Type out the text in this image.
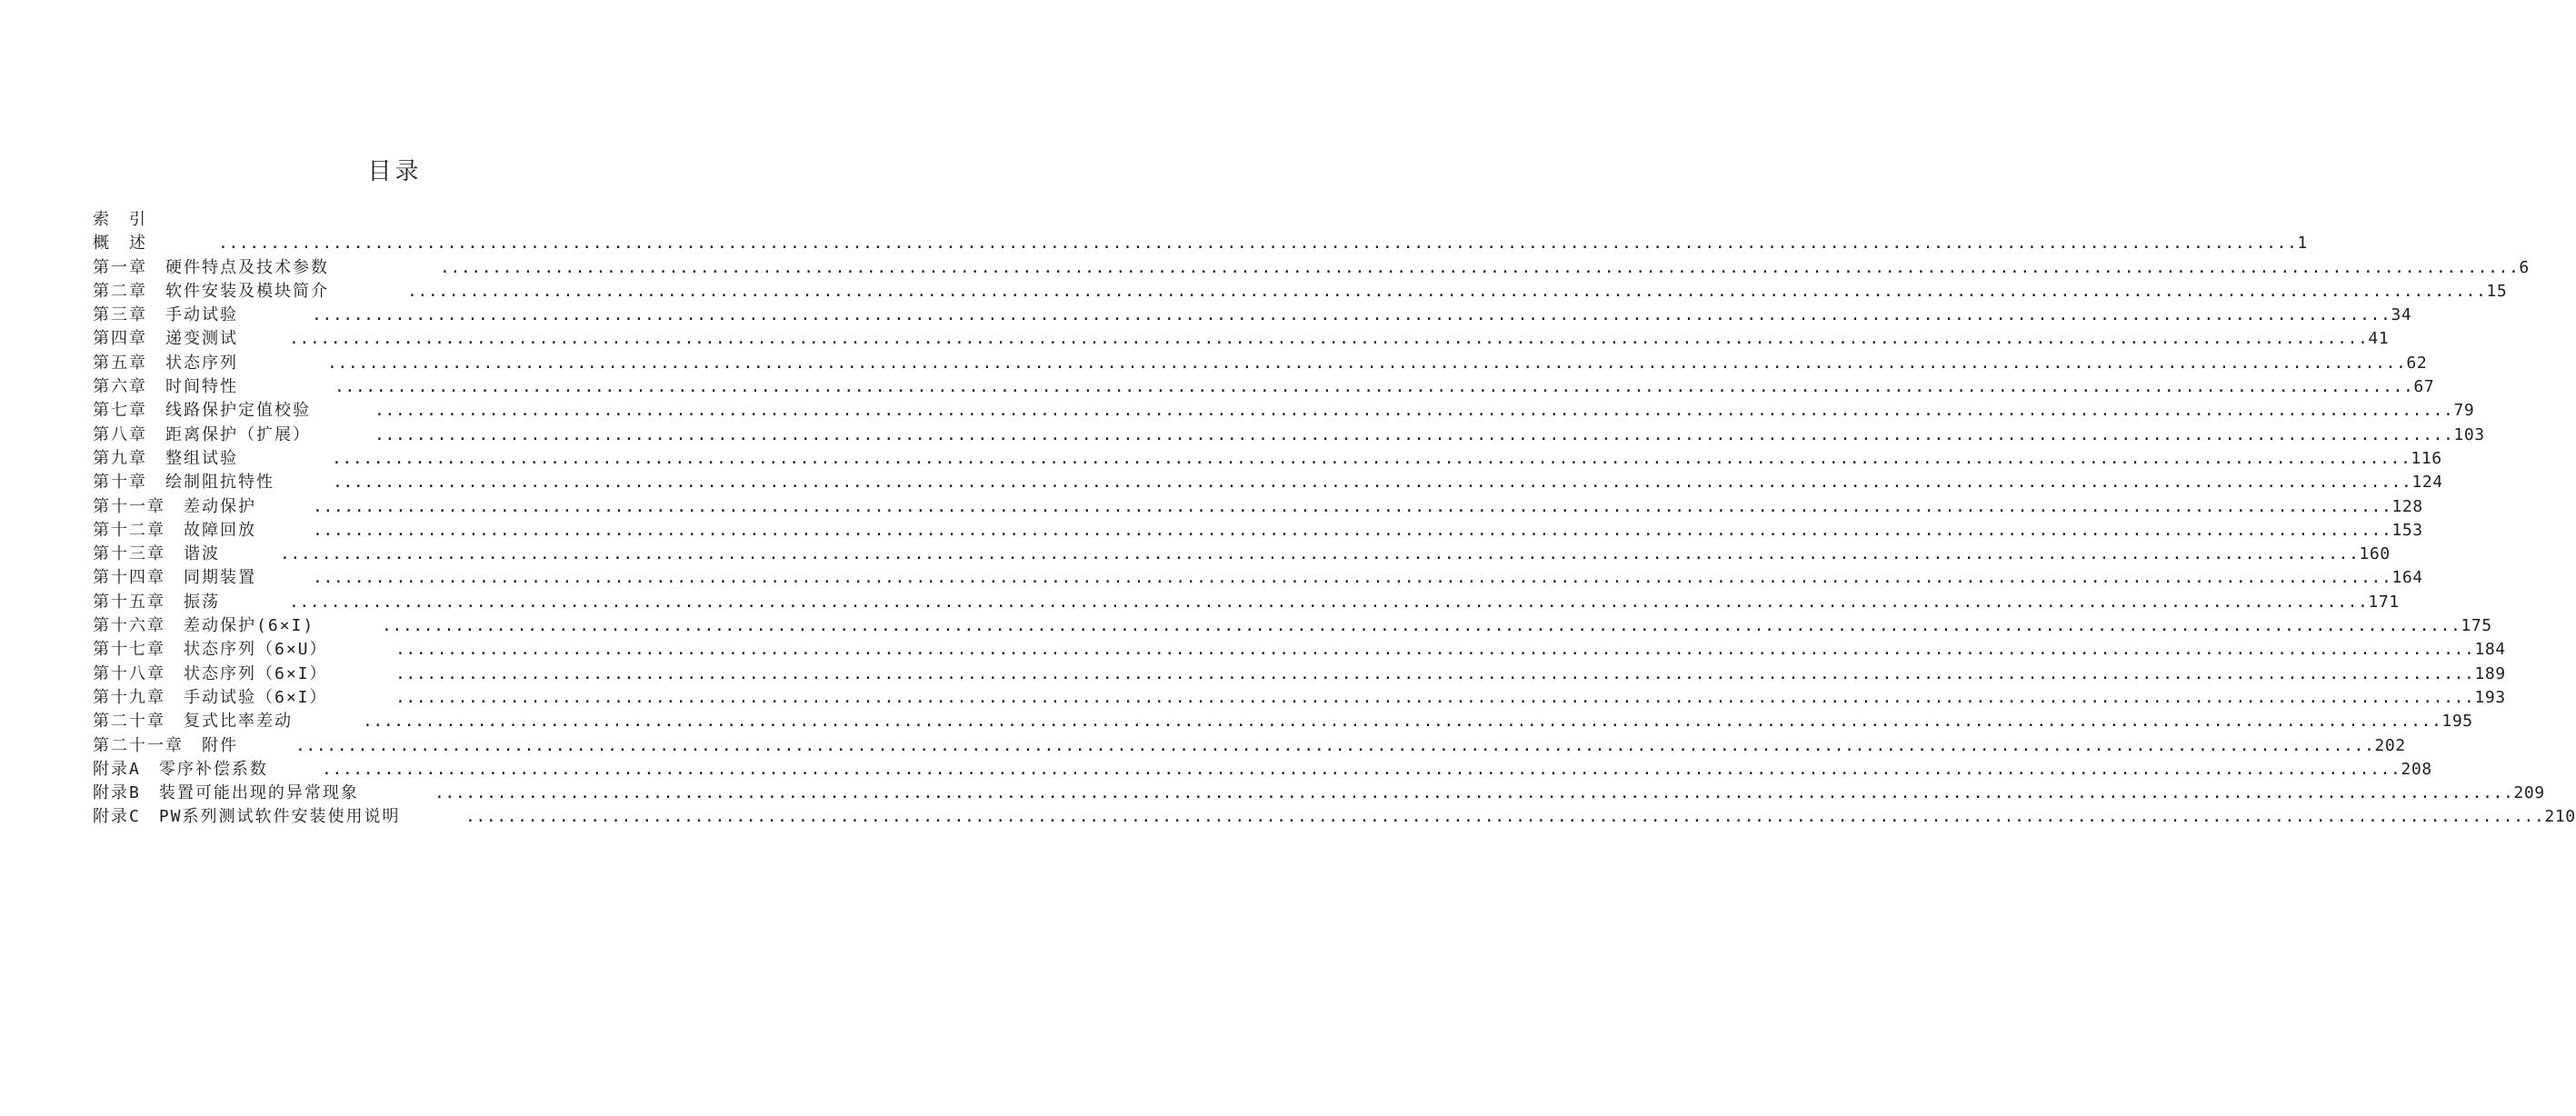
目录
索　引
概　述	........................................................................................................................................................................................................1
第一章　硬件特点及技术参数	........................................................................................................................................................................................................6
第二章　软件安装及模块简介	........................................................................................................................................................................................................15
第三章　手动试验	........................................................................................................................................................................................................34
第四章　递变测试	........................................................................................................................................................................................................41
第五章　状态序列	........................................................................................................................................................................................................62
第六章　时间特性	........................................................................................................................................................................................................67
第七章　线路保护定值校验	........................................................................................................................................................................................................79
第八章　距离保护（扩展）	........................................................................................................................................................................................................103
第九章　整组试验	........................................................................................................................................................................................................116
第十章　绘制阻抗特性	........................................................................................................................................................................................................124
第十一章　差动保护	........................................................................................................................................................................................................128
第十二章　故障回放	........................................................................................................................................................................................................153
第十三章　谐波	........................................................................................................................................................................................................160
第十四章　同期装置	........................................................................................................................................................................................................164
第十五章　振荡	........................................................................................................................................................................................................171
第十六章　差动保护(6×I)	........................................................................................................................................................................................................175
第十七章　状态序列（6×U）	........................................................................................................................................................................................................184
第十八章　状态序列（6×I）	........................................................................................................................................................................................................189
第十九章　手动试验（6×I）	........................................................................................................................................................................................................193
第二十章　复式比率差动	........................................................................................................................................................................................................195
第二十一章　附件	........................................................................................................................................................................................................202
附录A　零序补偿系数	........................................................................................................................................................................................................208
附录B　装置可能出现的异常现象	........................................................................................................................................................................................................209
附录C　PW系列测试软件安装使用说明	........................................................................................................................................................................................................210
